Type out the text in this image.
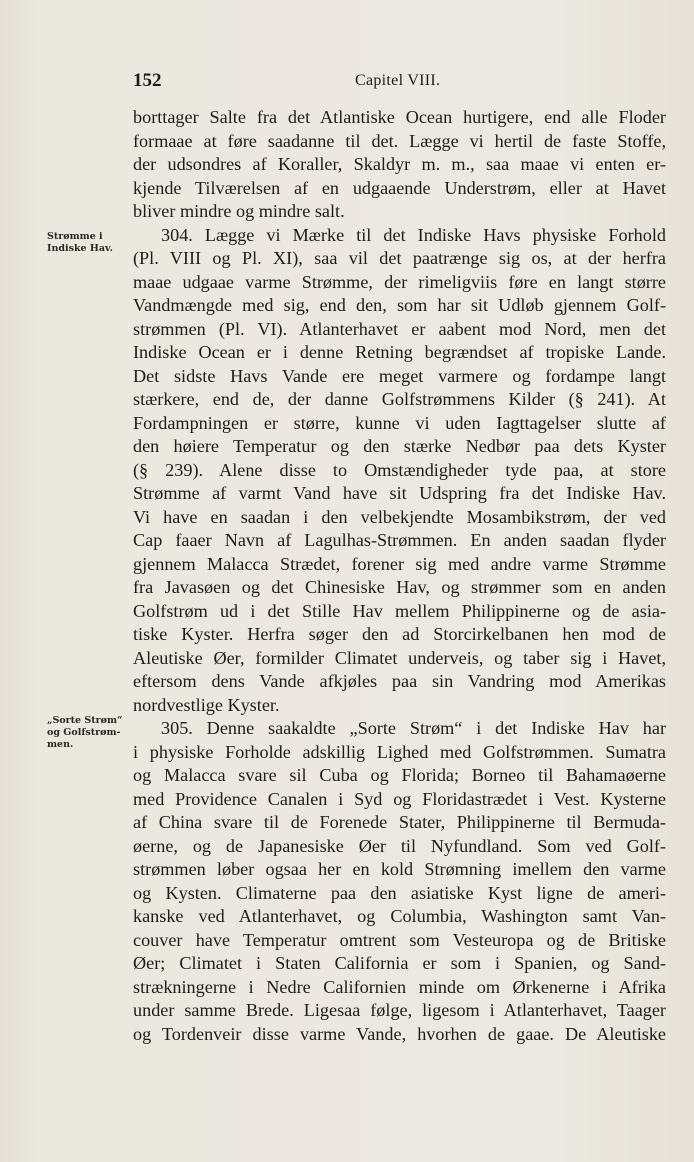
152	Capitel VIII.
Strømme i
Indiske Hav.
„Sorte Strøm“
og Golfstrøm-
men.
borttager Salte fra det Atlantiske Ocean hurtigere, end alle Floder
formaae at føre saadanne til det. Lægge vi hertil de faste Stoffe,
der udsondres af Koraller, Skaldyr m. m., saa maae vi enten er-
kjende Tilværelsen af en udgaaende Understrøm, eller at Havet
bliver mindre og mindre salt.
304. Lægge vi Mærke til det Indiske Havs physiske Forhold
(Pl. VIII og Pl. XI), saa vil det paatrænge sig os, at der herfra
maae udgaae varme Strømme, der rimeligviis føre en langt større
Vandmængde med sig, end den, som har sit Udløb gjennem Golf-
strømmen (Pl. VI). Atlanterhavet er aabent mod Nord, men det
Indiske Ocean er i denne Retning begrændset af tropiske Lande.
Det sidste Havs Vande ere meget varmere og fordampe langt
stærkere, end de, der danne Golfstrømmens Kilder (§ 241). At
Fordampningen er større, kunne vi uden Iagttagelser slutte af
den høiere Temperatur og den stærke Nedbør paa dets Kyster
(§ 239). Alene disse to Omstændigheder tyde paa, at store
Strømme af varmt Vand have sit Udspring fra det Indiske Hav.
Vi have en saadan i den velbekjendte Mosambikstrøm, der ved
Cap faaer Navn af Lagulhas-Strømmen. En anden saadan flyder
gjennem Malacca Strædet, forener sig med andre varme Strømme
fra Javasøen og det Chinesiske Hav, og strømmer som en anden
Golfstrøm ud i det Stille Hav mellem Philippinerne og de asia-
tiske Kyster. Herfra søger den ad Storcirkelbanen hen mod de
Aleutiske Øer, formilder Climatet underveis, og taber sig i Havet,
eftersom dens Vande afkjøles paa sin Vandring mod Amerikas
nordvestlige Kyster.
305. Denne saakaldte „Sorte Strøm“ i det Indiske Hav har
i physiske Forholde adskillig Lighed med Golfstrømmen. Sumatra
og Malacca svare sil Cuba og Florida; Borneo til Bahamaøerne
med Providence Canalen i Syd og Floridastrædet i Vest. Kysterne
af China svare til de Forenede Stater, Philippinerne til Bermuda-
øerne, og de Japanesiske Øer til Nyfundland. Som ved Golf-
strømmen løber ogsaa her en kold Strømning imellem den varme
og Kysten. Climaterne paa den asiatiske Kyst ligne de ameri-
kanske ved Atlanterhavet, og Columbia, Washington samt Van-
couver have Temperatur omtrent som Vesteuropa og de Britiske
Øer; Climatet i Staten California er som i Spanien, og Sand-
strækningerne i Nedre Californien minde om Ørkenerne i Afrika
under samme Brede. Ligesaa følge, ligesom i Atlanterhavet, Taager
og Tordenveir disse varme Vande, hvorhen de gaae. De Aleutiske
